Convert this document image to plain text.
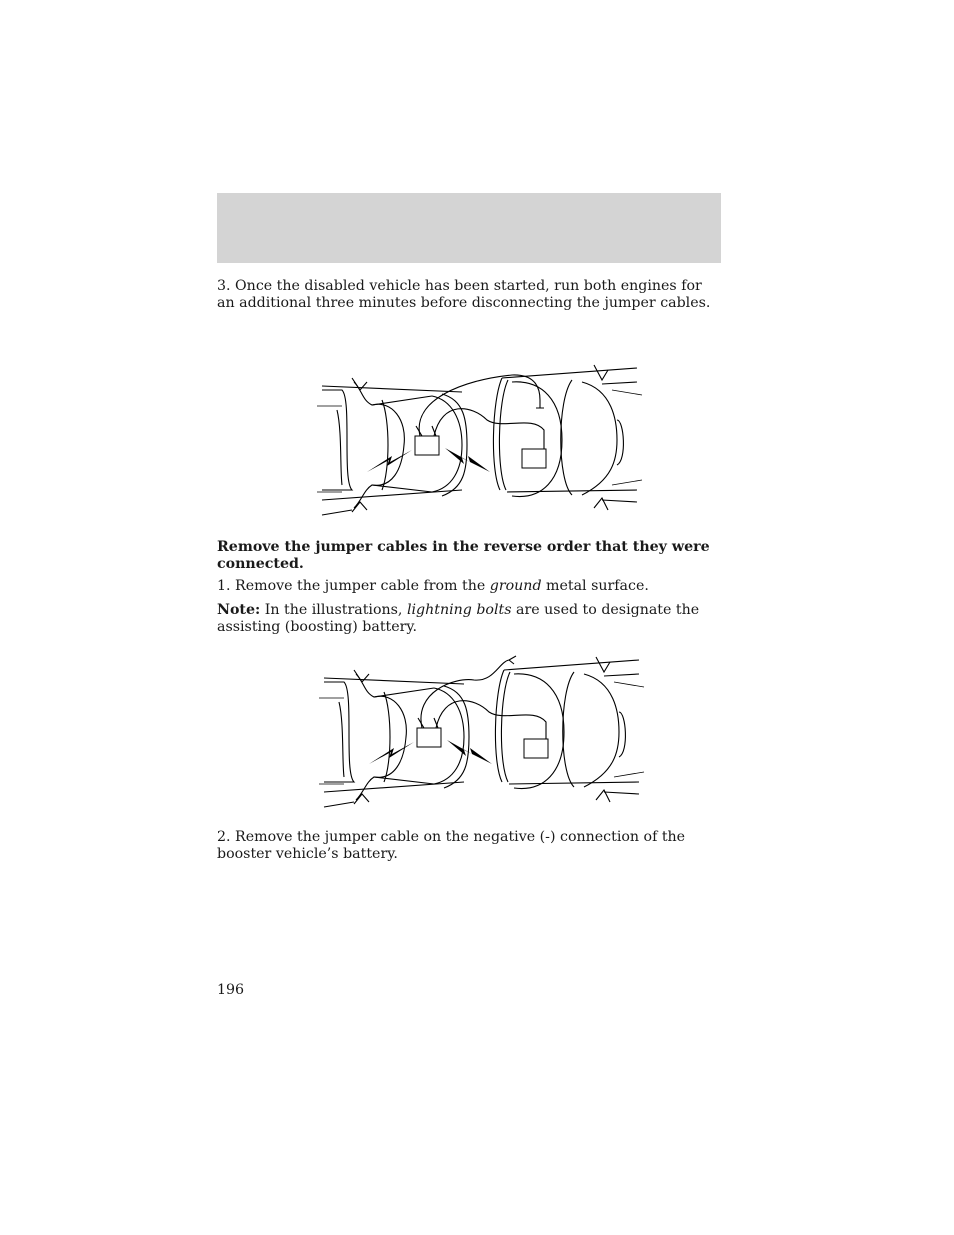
3. Once the disabled vehicle has been started, run both engines for an additional three minutes before disconnecting the jumper cables.

Remove the jumper cables in the reverse order that they were connected.

1. Remove the jumper cable from the ground metal surface.

Note: In the illustrations, lightning bolts are used to designate the assisting (boosting) battery.

2. Remove the jumper cable on the negative (-) connection of the booster vehicle’s battery.

196
